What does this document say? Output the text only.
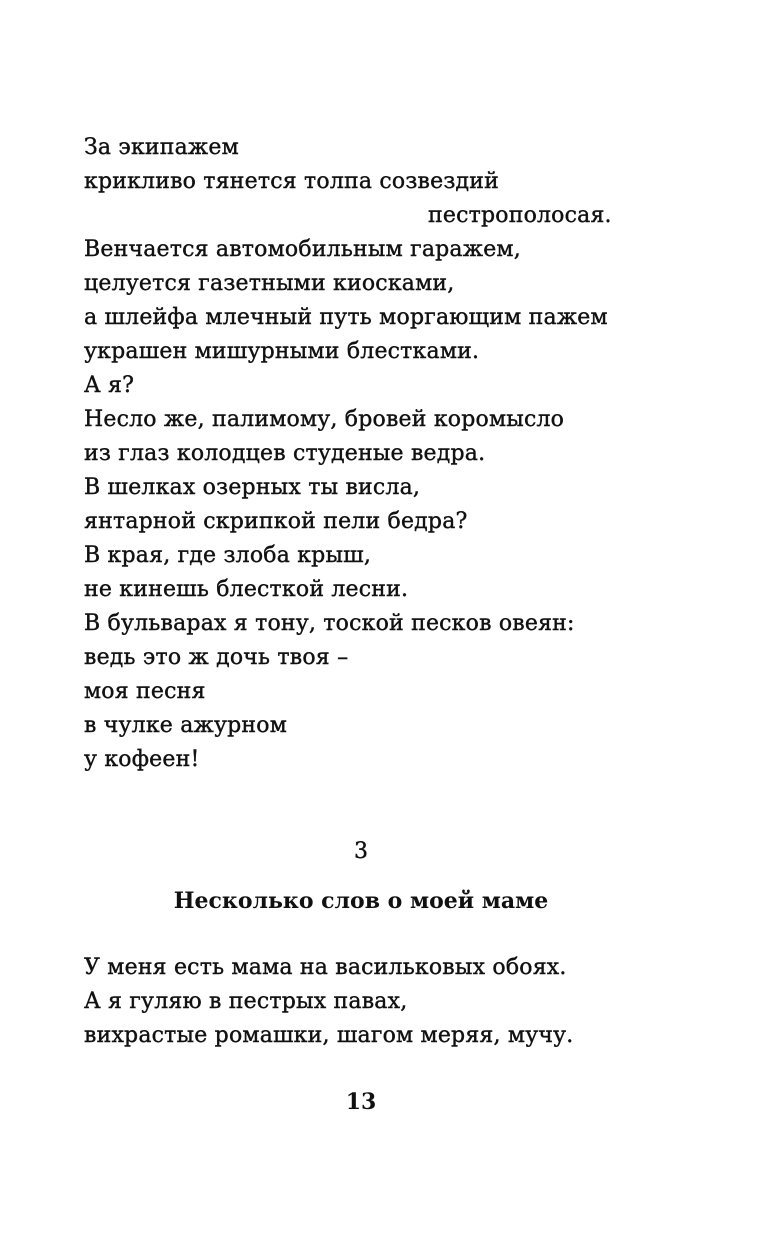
За экипажем
крикливо тянется толпа созвездий
пестрополосая.
Венчается автомобильным гаражем,
целуется газетными киосками,
а шлейфа млечный путь моргающим пажем
украшен мишурными блестками.
А я?
Несло же, палимому, бровей коромысло
из глаз колодцев студеные ведра.
В шелках озерных ты висла,
янтарной скрипкой пели бедра?
В края, где злоба крыш,
не кинешь блесткой лесни.
В бульварах я тону, тоской песков овеян:
ведь это ж дочь твоя –
моя песня
в чулке ажурном
у кофеен!
3
Несколько слов о моей маме
У меня есть мама на васильковых обоях.
А я гуляю в пестрых павах,
вихрастые ромашки, шагом меряя, мучу.
13
